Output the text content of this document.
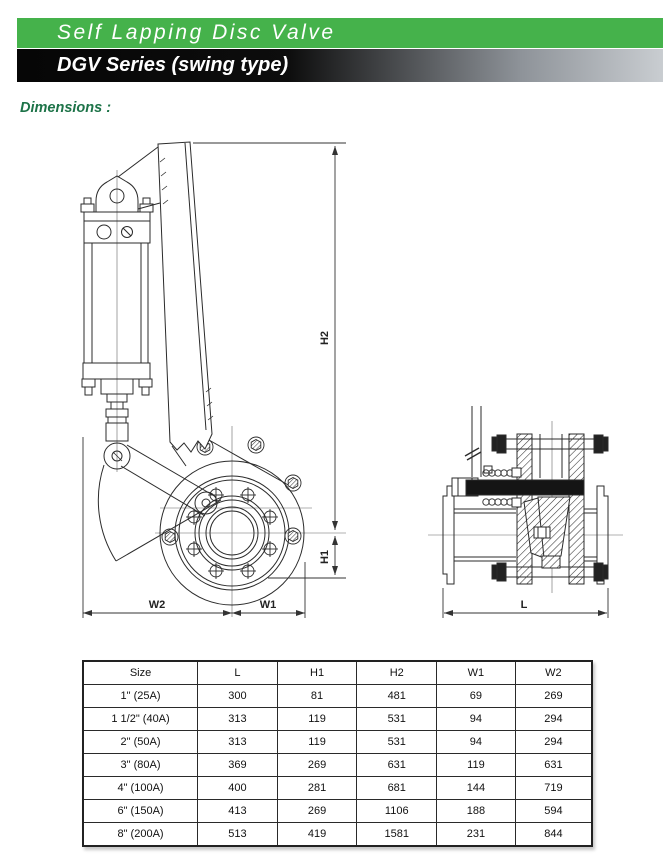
Self Lapping Disc Valve
DGV Series (swing type)
Dimensions :
H2
H1
W2	W1	L
Size	L	H1	H2	W1	W2
1" (25A)	300	81	481	69	269
1 1/2" (40A)	313	119	531	94	294
2" (50A)	313	119	531	94	294
3" (80A)	369	269	631	119	631
4" (100A)	400	281	681	144	719
6" (150A)	413	269	1106	188	594
8" (200A)	513	419	1581	231	844
